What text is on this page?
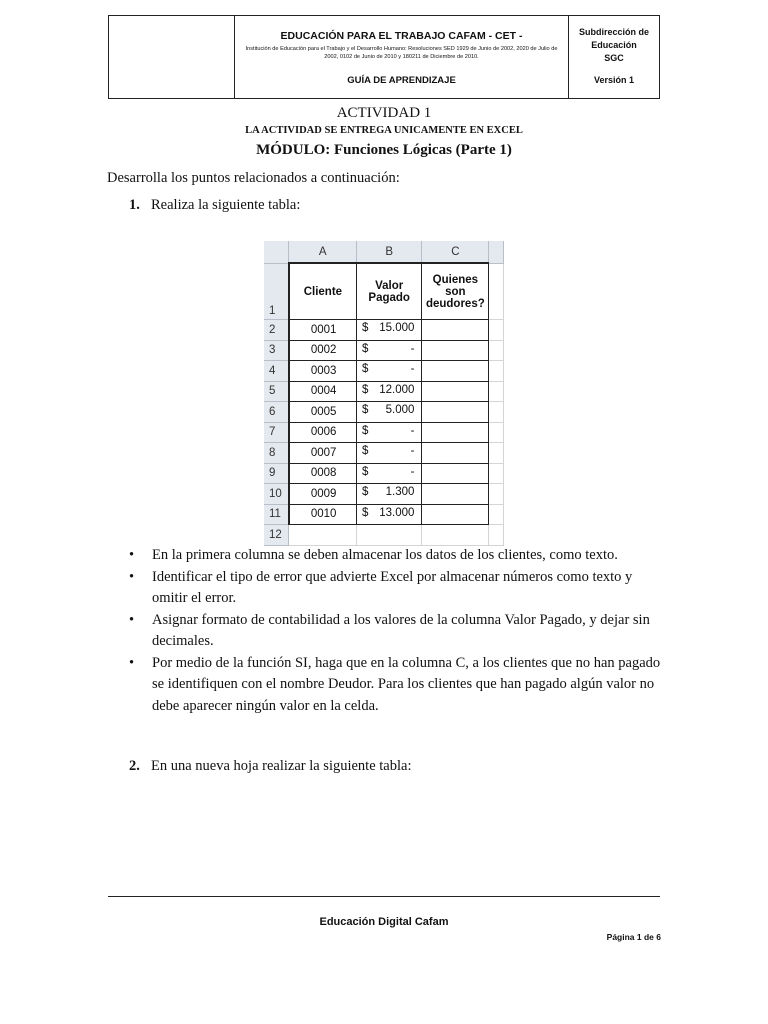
EDUCACIÓN PARA EL TRABAJO CAFAM - CET -
Institución de Educación para el Trabajo y el Desarrollo Humano: Resoluciones SED 1929 de Junio de 2002, 2020 de Julio de 2002, 0102 de Junio de 2010 y 180211 de Diciembre de 2010.
GUÍA DE APRENDIZAJE
Subdirección de
Educación
SGC
Versión 1
ACTIVIDAD 1
LA ACTIVIDAD SE ENTREGA UNICAMENTE EN EXCEL
MÓDULO: Funciones Lógicas (Parte 1)
Desarrolla los puntos relacionados a continuación:
1. Realiza la siguiente tabla:
	A	B	C	
1	Cliente	Valor Pagado	Quienes son deudores?	
2	0001	$ 15.000		

3	0002	$ -		

4	0003	$ -		

5	0004	$ 12.000		

6	0005	$ 5.000		

7	0006	$ -		

8	0007	$ -		

9	0008	$ -		

10	0009	$ 1.300		

11	0010	$ 13.000		

12				
• En la primera columna se deben almacenar los datos de los clientes, como texto.
• Identificar el tipo de error que advierte Excel por almacenar números como texto y omitir el error.
• Asignar formato de contabilidad a los valores de la columna Valor Pagado, y dejar sin decimales.
• Por medio de la función SI, haga que en la columna C, a los clientes que no han pagado se identifiquen con el nombre Deudor. Para los clientes que han pagado algún valor no debe aparecer ningún valor en la celda.
2. En una nueva hoja realizar la siguiente tabla:
Educación Digital Cafam
Página 1 de 6
